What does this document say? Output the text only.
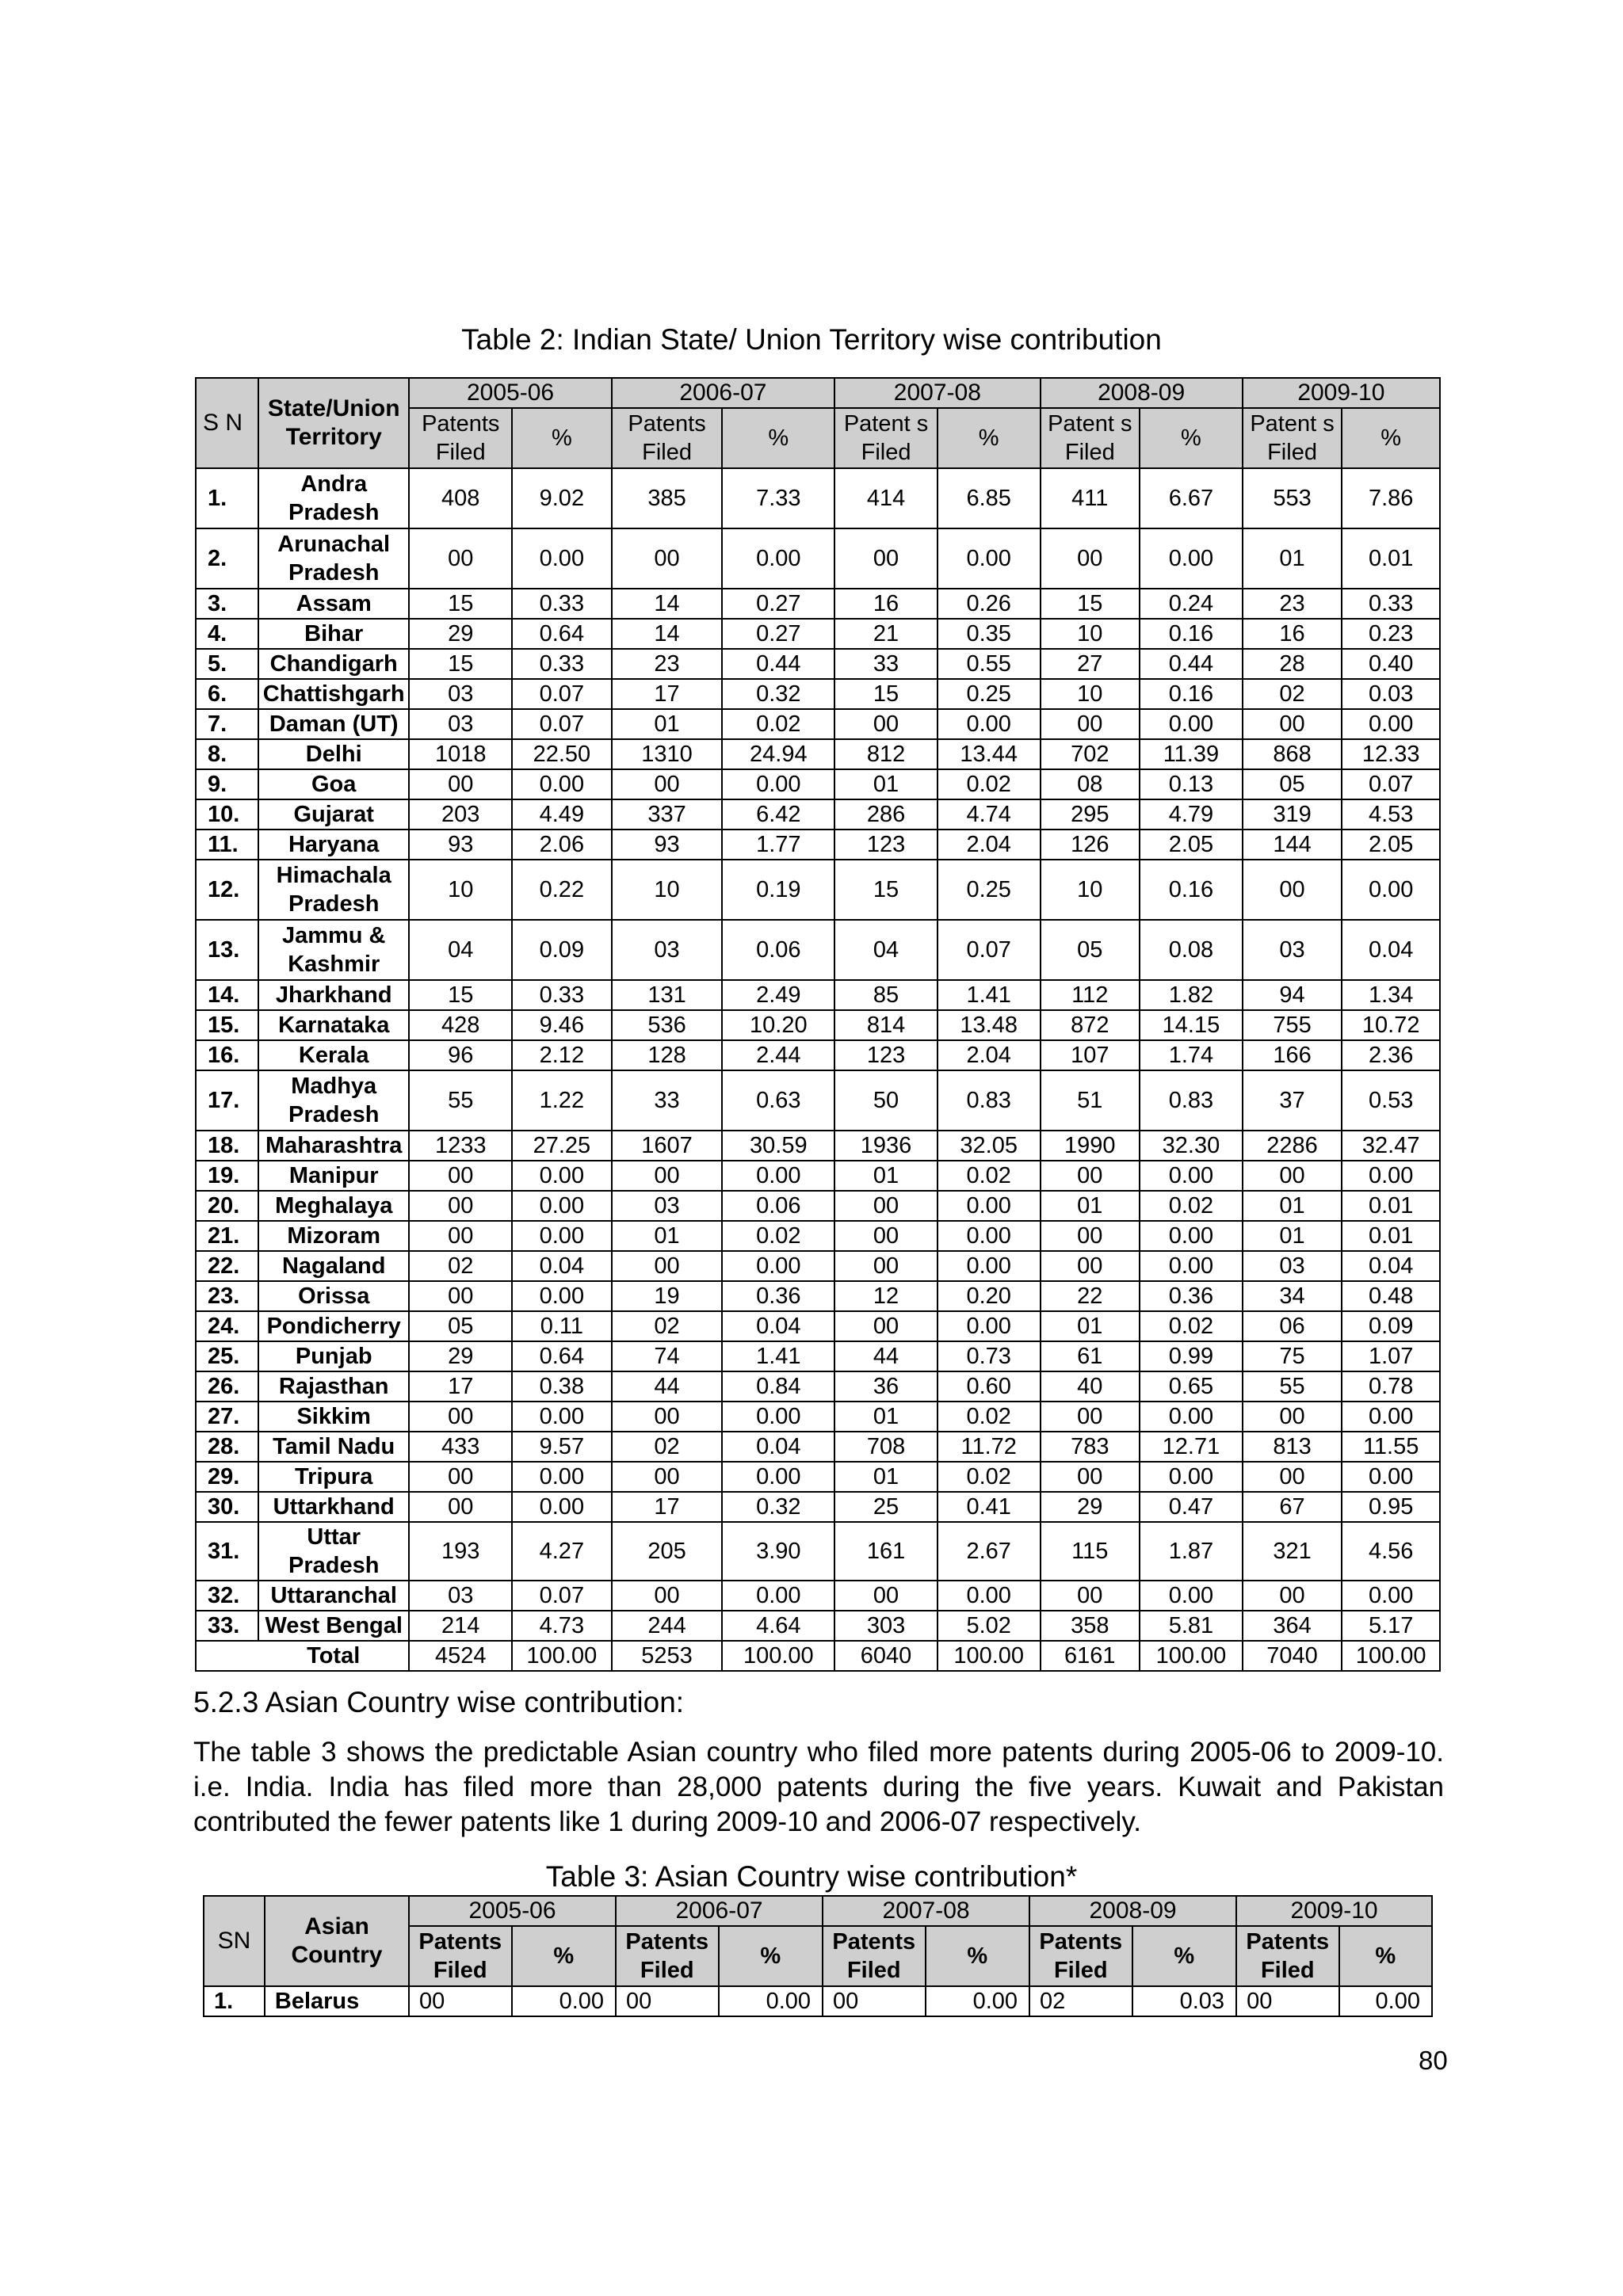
Table 2: Indian State/ Union Territory wise contribution
S N	State/Union Territory	2005-06		2006-07		2007-08		2008-09		2009-10	
		Patents Filed	%	Patents Filed	%	Patent s Filed	%	Patent s Filed	%	Patent s Filed	%
1.	Andra Pradesh	408	9.02	385	7.33	414	6.85	411	6.67	553	7.86
2.	Arunachal Pradesh	00	0.00	00	0.00	00	0.00	00	0.00	01	0.01
3.	Assam	15	0.33	14	0.27	16	0.26	15	0.24	23	0.33
4.	Bihar	29	0.64	14	0.27	21	0.35	10	0.16	16	0.23
5.	Chandigarh	15	0.33	23	0.44	33	0.55	27	0.44	28	0.40
6.	Chattishgarh	03	0.07	17	0.32	15	0.25	10	0.16	02	0.03
7.	Daman (UT)	03	0.07	01	0.02	00	0.00	00	0.00	00	0.00
8.	Delhi	1018	22.50	1310	24.94	812	13.44	702	11.39	868	12.33
9.	Goa	00	0.00	00	0.00	01	0.02	08	0.13	05	0.07
10.	Gujarat	203	4.49	337	6.42	286	4.74	295	4.79	319	4.53
11.	Haryana	93	2.06	93	1.77	123	2.04	126	2.05	144	2.05
12.	Himachala Pradesh	10	0.22	10	0.19	15	0.25	10	0.16	00	0.00
13.	Jammu & Kashmir	04	0.09	03	0.06	04	0.07	05	0.08	03	0.04
14.	Jharkhand	15	0.33	131	2.49	85	1.41	112	1.82	94	1.34
15.	Karnataka	428	9.46	536	10.20	814	13.48	872	14.15	755	10.72
16.	Kerala	96	2.12	128	2.44	123	2.04	107	1.74	166	2.36
17.	Madhya Pradesh	55	1.22	33	0.63	50	0.83	51	0.83	37	0.53
18.	Maharashtra	1233	27.25	1607	30.59	1936	32.05	1990	32.30	2286	32.47
19.	Manipur	00	0.00	00	0.00	01	0.02	00	0.00	00	0.00
20.	Meghalaya	00	0.00	03	0.06	00	0.00	01	0.02	01	0.01
21.	Mizoram	00	0.00	01	0.02	00	0.00	00	0.00	01	0.01
22.	Nagaland	02	0.04	00	0.00	00	0.00	00	0.00	03	0.04
23.	Orissa	00	0.00	19	0.36	12	0.20	22	0.36	34	0.48
24.	Pondicherry	05	0.11	02	0.04	00	0.00	01	0.02	06	0.09
25.	Punjab	29	0.64	74	1.41	44	0.73	61	0.99	75	1.07
26.	Rajasthan	17	0.38	44	0.84	36	0.60	40	0.65	55	0.78
27.	Sikkim	00	0.00	00	0.00	01	0.02	00	0.00	00	0.00
28.	Tamil Nadu	433	9.57	02	0.04	708	11.72	783	12.71	813	11.55
29.	Tripura	00	0.00	00	0.00	01	0.02	00	0.00	00	0.00
30.	Uttarkhand	00	0.00	17	0.32	25	0.41	29	0.47	67	0.95
31.	Uttar Pradesh	193	4.27	205	3.90	161	2.67	115	1.87	321	4.56
32.	Uttaranchal	03	0.07	00	0.00	00	0.00	00	0.00	00	0.00
33.	West Bengal	214	4.73	244	4.64	303	5.02	358	5.81	364	5.17
	Total	4524	100.00	5253	100.00	6040	100.00	6161	100.00	7040	100.00
5.2.3 Asian Country wise contribution:
The table 3 shows the predictable Asian country who filed more patents during 2005-06 to 2009-10. i.e. India. India has filed more than 28,000 patents during the five years. Kuwait and Pakistan contributed the fewer patents like 1 during 2009-10 and 2006-07 respectively.
Table 3: Asian Country wise contribution*
SN	Asian Country	2005-06		2006-07		2007-08		2008-09		2009-10	
		Patents Filed	%	Patents Filed	%	Patents Filed	%	Patents Filed	%	Patents Filed	%
1.	Belarus	00	0.00	00	0.00	00	0.00	02	0.03	00	0.00
80
